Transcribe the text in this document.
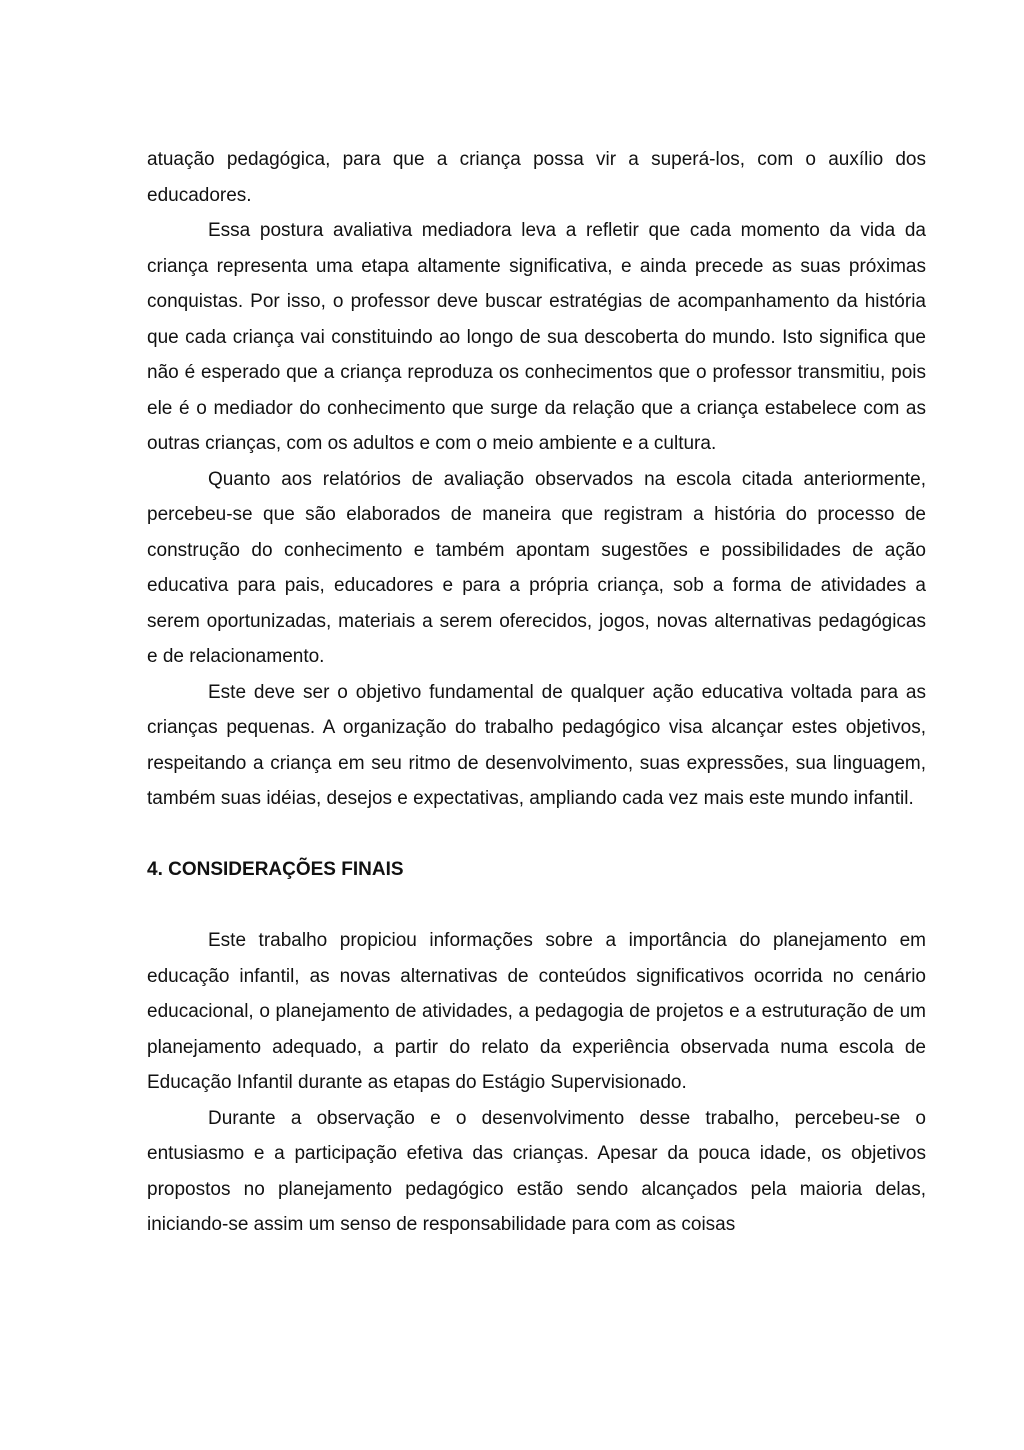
atuação pedagógica, para que a criança possa vir a superá-los, com o auxílio dos educadores.

Essa postura avaliativa mediadora leva a refletir que cada momento da vida da criança representa uma etapa altamente significativa, e ainda precede as suas próximas conquistas. Por isso, o professor deve buscar estratégias de acompanhamento da história que cada criança vai constituindo ao longo de sua descoberta do mundo. Isto significa que não é esperado que a criança reproduza os conhecimentos que o professor transmitiu, pois ele é o mediador do conhecimento que surge da relação que a criança estabelece com as outras crianças, com os adultos e com o meio ambiente e a cultura.

Quanto aos relatórios de avaliação observados na escola citada anteriormente, percebeu-se que são elaborados de maneira que registram a história do processo de construção do conhecimento e também apontam sugestões e possibilidades de ação educativa para pais, educadores e para a própria criança, sob a forma de atividades a serem oportunizadas, materiais a serem oferecidos, jogos, novas alternativas pedagógicas e de relacionamento.

Este deve ser o objetivo fundamental de qualquer ação educativa voltada para as crianças pequenas. A organização do trabalho pedagógico visa alcançar estes objetivos, respeitando a criança em seu ritmo de desenvolvimento, suas expressões, sua linguagem, também suas idéias, desejos e expectativas, ampliando cada vez mais este mundo infantil.

4. CONSIDERAÇÕES FINAIS

Este trabalho propiciou informações sobre a importância do planejamento em educação infantil, as novas alternativas de conteúdos significativos ocorrida no cenário educacional, o planejamento de atividades, a pedagogia de projetos e a estruturação de um planejamento adequado, a partir do relato da experiência observada numa escola de Educação Infantil durante as etapas do Estágio Supervisionado.

Durante a observação e o desenvolvimento desse trabalho, percebeu-se o entusiasmo e a participação efetiva das crianças. Apesar da pouca idade, os objetivos propostos no planejamento pedagógico estão sendo alcançados pela maioria delas, iniciando-se assim um senso de responsabilidade para com as coisas
